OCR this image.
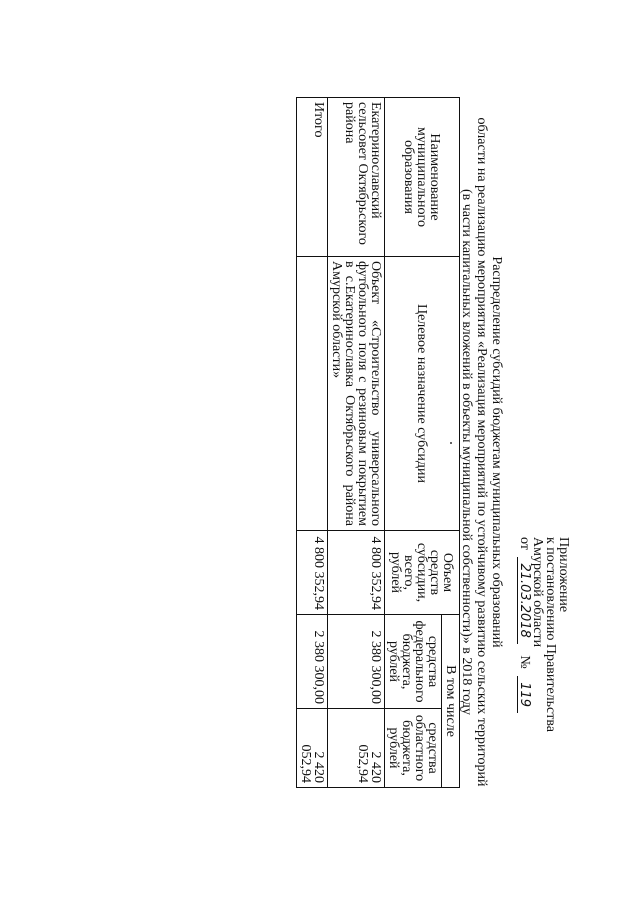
Приложение
к постановлению Правительства
Амурской области
от 21.03.2018 № 119
Распределение субсидий бюджетам муниципальных образований
области на реализацию мероприятия «Реализация мероприятий по устойчивому развитию сельских территорий
(в части капитальных вложений в объекты муниципальной собственности)» в 2018 году
Наименование муниципального образования	Целевое назначение субсидии	Объем средств субсидии, всего, рублей	В том числе	
			средства федерального бюджета, рублей	средства областного бюджета, рублей
Екатеринославский сельсовет Октябрьского района	Объект «Строительство универсального футбольного поля с резиновым покрытием в с.Екатеринославка Октябрьского района Амурской области»	4 800 352,94	2 380 300,00	2 420 052,94
Итого		4 800 352,94	2 380 300,00	2 420 052,94
